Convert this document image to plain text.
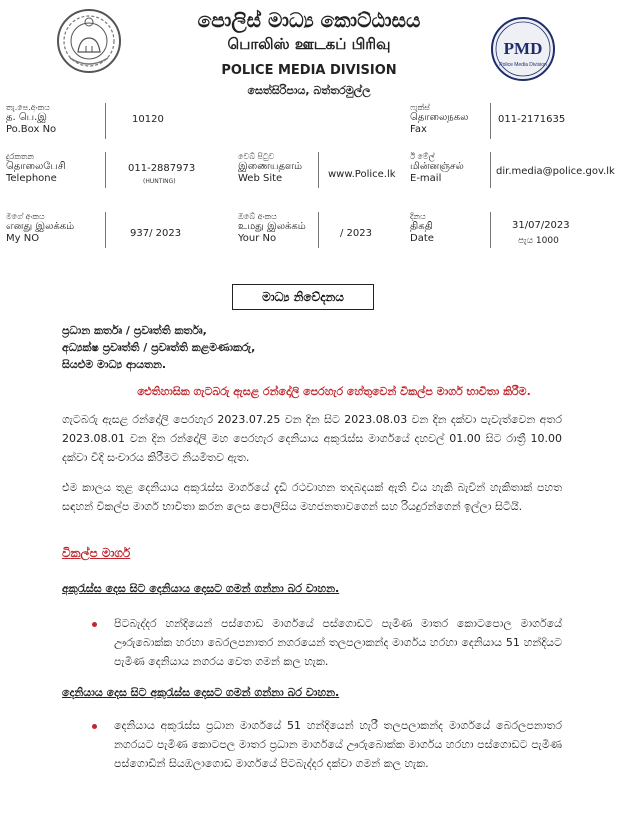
PMD
Police Media Division
පොලිස් මාධ්‍ය කොට්ඨාසය
பொலிஸ் ஊடகப் பிரிவு
POLICE MEDIA DIVISION
සෙත්සිරිපාය, බත්තරමුල්ල
තැ.පෙ.අංකය
த. பெ.இ
Po.Box No
10120
ෆැක්ස්
தொலைநகல
Fax
011-2171635
දුරකතන
தொலைபேசி
Telephone
011-2887973
(HUNTING)
වෙබ් පිටුව
இணையதளம்
Web Site	www.Police.lk
ඊ මේල්
மின்னஞ்சல்
E-mail
dir.media@police.gov.lk
මගේ අංකය
எனது இலக்கம்
My NO	937/ 2023
ඔබේ අංකය
உமது இலக்கம்
Your No	/ 2023
දිනය
திகதி
Date
31/07/2023
පැය 1000
මාධ්‍ය නිවේදනය
ප්‍රධාන කර්තෘ / ප්‍රවෘත්ති කර්තෘ,
අධ්‍යක්ෂ ප්‍රවෘත්ති / ප්‍රවෘත්ති කළමණාකරු,
සියළුම මාධ්‍ය ආයතන.
ඓතිහාසික ගැටබරු ඇසළ රන්දෝලි පෙරහැර හේතුවෙන් විකල්ප මාර්ග භාවිතා කිරීම.
ගැටබරු ඇසළ රන්දෝලි පෙරහැර 2023.07.25 වන දින සිට 2023.08.03 වන දින දක්වා පැවැත්වෙන අතර 2023.08.01 වන දින රන්දෝලි මහ පෙරහැර දෙනියාය අකුරැස්ස මාර්ගයේ දහවල් 01.00 සිට රාත්‍රී 10.00 දක්වා වීදි සංචාරය කිරීමට නියමිතව ඇත.
එම කාලය තුළ දෙනියාය අකුරැස්ස මාර්ගයේ දැඩි රථවාහන තදබදයක් ඇති විය හැකි බැවින් හැකිතාක් පහත සඳහන් විකල්ප මාර්ග භාවිතා කරන ලෙස පොලිසිය මහජනතාවගෙන් සහ රියදුරන්ගෙන් ඉල්ලා සිටියි.
විකල්ප මාර්ග
අකුරැස්ස දෙස සිට දෙනියාය දෙසට ගමන් ගන්නා බර වාහන.
පිටබැද්දර හන්දියෙන් පස්ගොඩ මාර්ගයේ පස්ගොඩට පැමිණ මාතර කොටපොල මාර්ගයේ ඌරුබොක්ක හරහා බෙරලපනාතර නගරයෙන් තලපලාකන්ද මාර්ගය හරහා දෙනියාය 51 හන්දියට පැමිණ දෙනියාය නගරය වෙත ගමන් කල හැක.
දෙනියාය දෙස සිට අකුරැස්ස දෙසට ගමන් ගන්නා බර වාහන.
දෙනියාය අකුරැස්ස ප්‍රධාන මාර්ගයේ 51 හන්දියෙන් හැරී තලපලාකන්ද මාර්ගයේ බෙරලපනාතර නගරයට පැමිණ කොටපල මාතර ප්‍රධාන මාර්ගයේ ඌරුබොක්ක මාර්ගය හරහා පස්ගොඩට පැමිණ පස්ගොඩින් සියඹලාගොඩ මාර්ගයේ පිටබැද්දර දක්වා ගමන් කල හැක.
